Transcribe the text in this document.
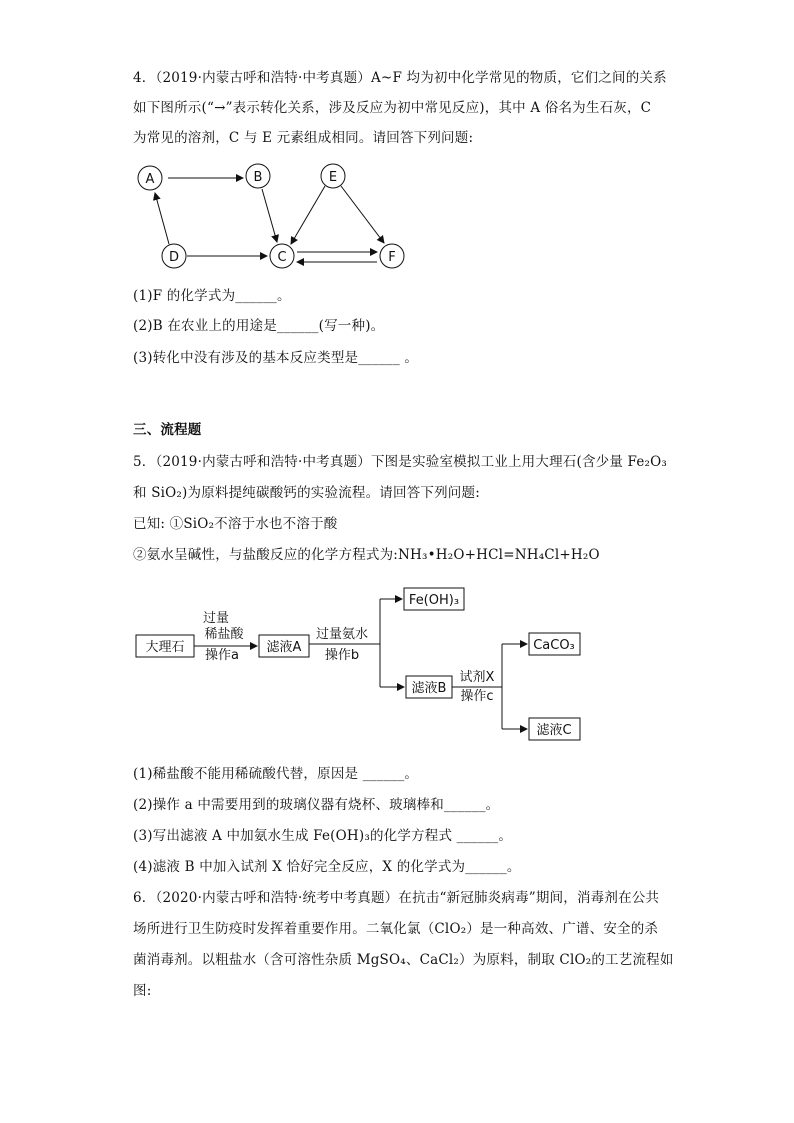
4．（2019·内蒙古呼和浩特·中考真题）A~F 均为初中化学常见的物质，它们之间的关系
如下图所示(“→”表示转化关系，涉及反应为初中常见反应)，其中 A 俗名为生石灰，C
为常见的溶剂，C 与 E 元素组成相同。请回答下列问题:
A	B	E
D	C	F
(1)F 的化学式为______。
(2)B 在农业上的用途是______(写一种)。
(3)转化中没有涉及的基本反应类型是______ 。
三、流程题
5．（2019·内蒙古呼和浩特·中考真题）下图是实验室模拟工业上用大理石(含少量 Fe₂O₃
和 SiO₂)为原料提纯碳酸钙的实验流程。请回答下列问题:
已知: ①SiO₂不溶于水也不溶于酸
②氨水呈碱性，与盐酸反应的化学方程式为:NH₃•H₂O+HCl=NH₄Cl+H₂O
大理石	滤液A
Fe(OH)₃
滤液B
CaCO₃
滤液C
过量
稀盐酸
操作a
过量氨水
操作b
试剂X
操作c
(1)稀盐酸不能用稀硫酸代替，原因是 ______。
(2)操作 a 中需要用到的玻璃仪器有烧杯、玻璃棒和______。
(3)写出滤液 A 中加氨水生成 Fe(OH)₃的化学方程式 ______。
(4)滤液 B 中加入试剂 X 恰好完全反应，X 的化学式为______。
6．（2020·内蒙古呼和浩特·统考中考真题）在抗击“新冠肺炎病毒”期间，消毒剂在公共
场所进行卫生防疫时发挥着重要作用。二氧化氯（ClO₂）是一种高效、广谱、安全的杀
菌消毒剂。以粗盐水（含可溶性杂质 MgSO₄、CaCl₂）为原料，制取 ClO₂的工艺流程如
图:
